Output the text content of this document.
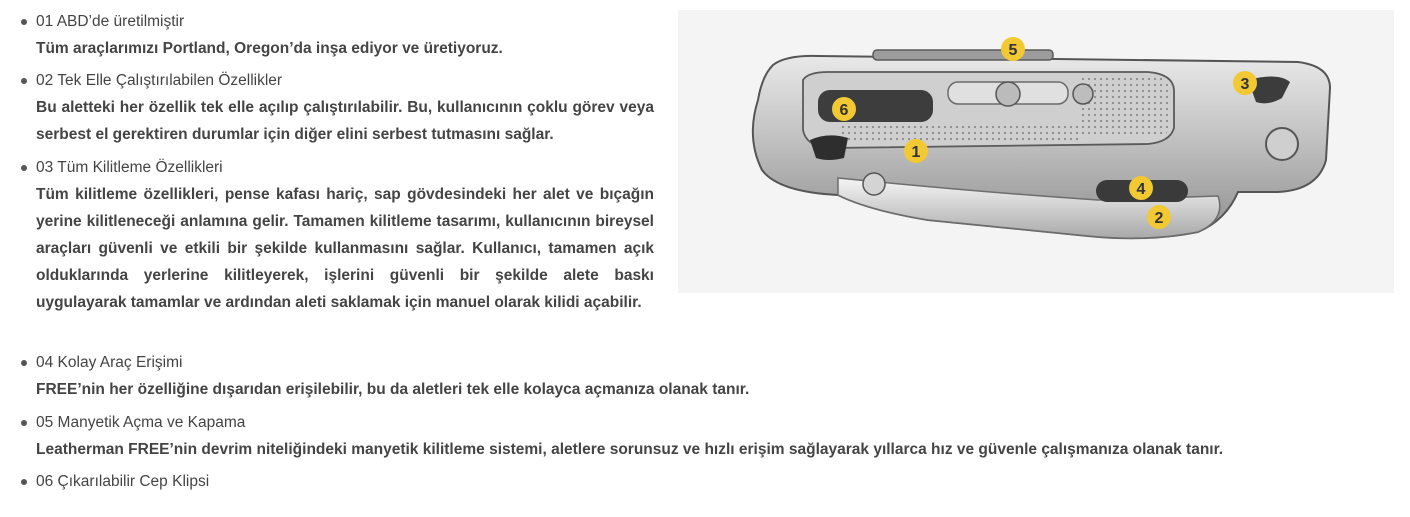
01 ABD’de üretilmiştir
Tüm araçlarımızı Portland, Oregon’da inşa ediyor ve üretiyoruz.
02 Tek Elle Çalıştırılabilen Özellikler
Bu aletteki her özellik tek elle açılıp çalıştırılabilir. Bu, kullanıcının çoklu görev veya serbest el gerektiren durumlar için diğer elini serbest tutmasını sağlar.
03 Tüm Kilitleme Özellikleri
Tüm kilitleme özellikleri, pense kafası hariç, sap gövdesindeki her alet ve bıçağın yerine kilitleneceği anlamına gelir. Tamamen kilitleme tasarımı, kullanıcının bireysel araçları güvenli ve etkili bir şekilde kullanmasını sağlar. Kullanıcı, tamamen açık olduklarında yerlerine kilitleyerek, işlerini güvenli bir şekilde alete baskı uygulayarak tamamlar ve ardından aleti saklamak için manuel olarak kilidi açabilir.
04 Kolay Araç Erişimi
FREE’nin her özelliğine dışarıdan erişilebilir, bu da aletleri tek elle kolayca açmanıza olanak tanır.
05 Manyetik Açma ve Kapama
Leatherman FREE’nin devrim niteliğindeki manyetik kilitleme sistemi, aletlere sorunsuz ve hızlı erişim sağlayarak yıllarca hız ve güvenle çalışmanıza olanak tanır.
06 Çıkarılabilir Cep Klipsi
1
2
3
4
5
6
